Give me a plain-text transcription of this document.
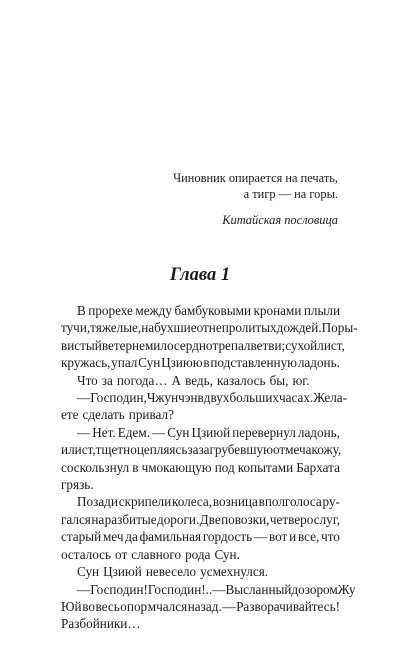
Чиновник опирается на печать,
а тигр — на горы.
Китайская пословица
Глава 1
В прорехе между бамбуковыми кронами плыли
тучи, тяжелые, набухшие от непролитых дождей. Поры-
вистый ветер немилосердно трепал ветви; сухой лист,
кружась, упал Сун Цзиюю в подставленную ладонь.
Что за погода… А ведь, казалось бы, юг.
— Господин, Чжунчэн в двух больших часах. Жела-
ете сделать привал?
— Нет. Едем. — Сун Цзиюй перевернул ладонь,
и лист, тщетно цепляясь за загрубевшую от меча кожу,
соскользнул в чмокающую под копытами Бархата
грязь.
Позади скрипели колеса, возница вполголоса ру-
гался на разбитые дороги. Две повозки, четверо слуг,
старый меч да фамильная гордость — вот и все, что
осталось от славного рода Сун.
Сун Цзиюй невесело усмехнулся.
— Господин! Господин!.. — Высланный дозором Жу
Юй во весь опор мчался назад. — Разворачивайтесь!
Разбойники…
